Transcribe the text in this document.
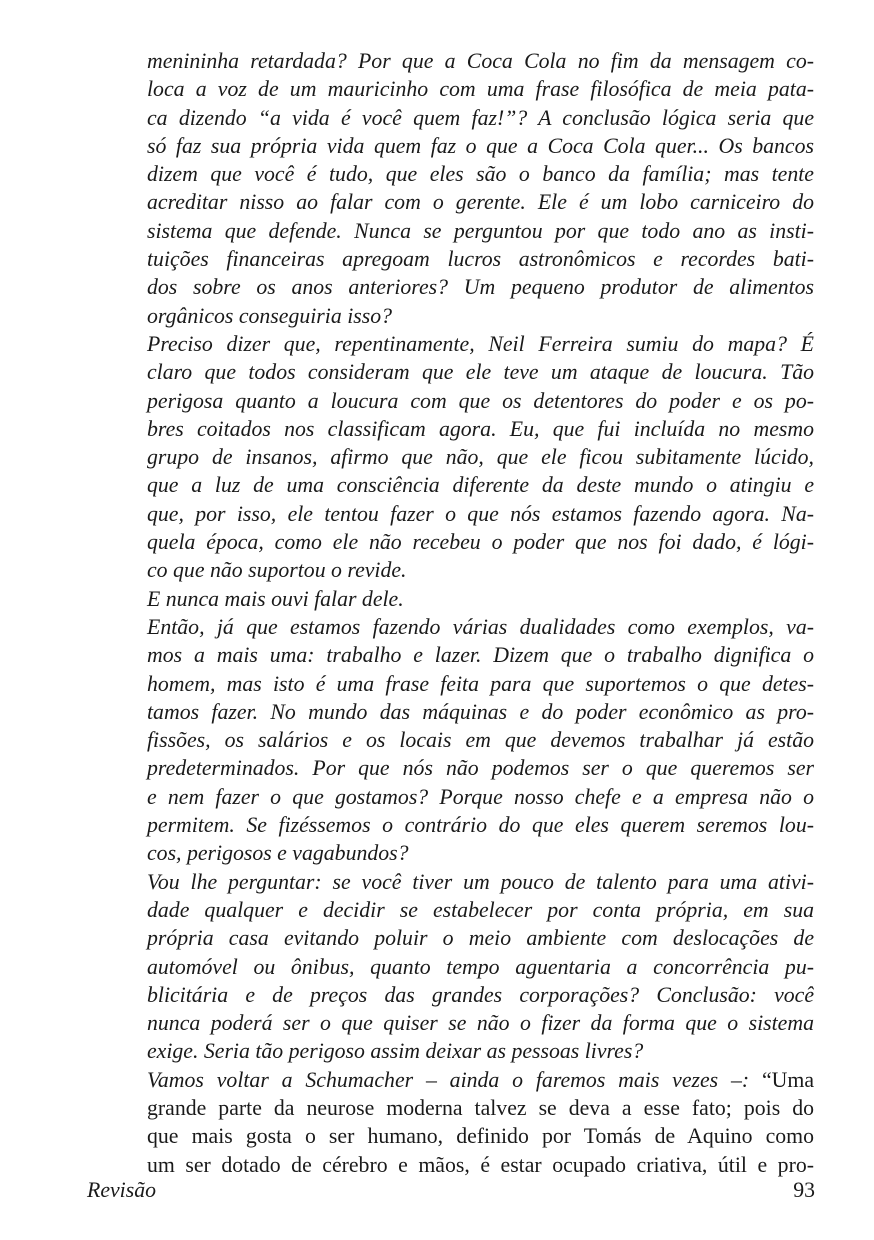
menininha retardada? Por que a Coca Cola no fim da mensagem co-
loca a voz de um mauricinho com uma frase filosófica de meia pata-
ca dizendo “a vida é você quem faz!”? A conclusão lógica seria que
só faz sua própria vida quem faz o que a Coca Cola quer... Os bancos
dizem que você é tudo, que eles são o banco da família; mas tente
acreditar nisso ao falar com o gerente. Ele é um lobo carniceiro do
sistema que defende. Nunca se perguntou por que todo ano as insti-
tuições financeiras apregoam lucros astronômicos e recordes bati-
dos sobre os anos anteriores? Um pequeno produtor de alimentos
orgânicos conseguiria isso?
Preciso dizer que, repentinamente, Neil Ferreira sumiu do mapa? É
claro que todos consideram que ele teve um ataque de loucura. Tão
perigosa quanto a loucura com que os detentores do poder e os po-
bres coitados nos classificam agora. Eu, que fui incluída no mesmo
grupo de insanos, afirmo que não, que ele ficou subitamente lúcido,
que a luz de uma consciência diferente da deste mundo o atingiu e
que, por isso, ele tentou fazer o que nós estamos fazendo agora. Na-
quela época, como ele não recebeu o poder que nos foi dado, é lógi-
co que não suportou o revide.
E nunca mais ouvi falar dele.
Então, já que estamos fazendo várias dualidades como exemplos, va-
mos a mais uma: trabalho e lazer. Dizem que o trabalho dignifica o
homem, mas isto é uma frase feita para que suportemos o que detes-
tamos fazer. No mundo das máquinas e do poder econômico as pro-
fissões, os salários e os locais em que devemos trabalhar já estão
predeterminados. Por que nós não podemos ser o que queremos ser
e nem fazer o que gostamos? Porque nosso chefe e a empresa não o
permitem. Se fizéssemos o contrário do que eles querem seremos lou-
cos, perigosos e vagabundos?
Vou lhe perguntar: se você tiver um pouco de talento para uma ativi-
dade qualquer e decidir se estabelecer por conta própria, em sua
própria casa evitando poluir o meio ambiente com deslocações de
automóvel ou ônibus, quanto tempo aguentaria a concorrência pu-
blicitária e de preços das grandes corporações? Conclusão: você
nunca poderá ser o que quiser se não o fizer da forma que o sistema
exige. Seria tão perigoso assim deixar as pessoas livres?
Vamos voltar a Schumacher – ainda o faremos mais vezes –: “Uma
grande parte da neurose moderna talvez se deva a esse fato; pois do
que mais gosta o ser humano, definido por Tomás de Aquino como
um ser dotado de cérebro e mãos, é estar ocupado criativa, útil e pro-
Revisão	93
